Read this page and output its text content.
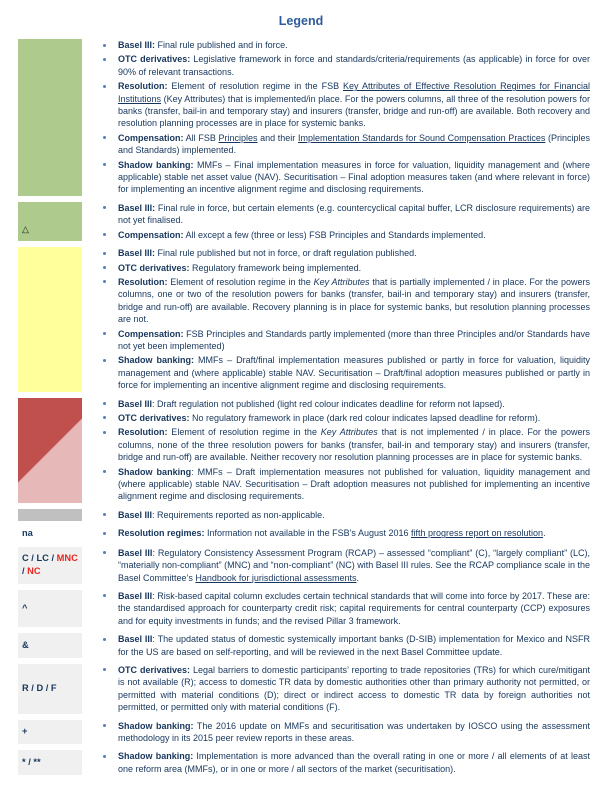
Legend
Basel III: Final rule published and in force.
OTC derivatives: Legislative framework in force and standards/criteria/requirements (as applicable) in force for over 90% of relevant transactions.
Resolution: Element of resolution regime in the FSB Key Attributes of Effective Resolution Regimes for Financial Institutions (Key Attributes) that is implemented/in place. For the powers columns, all three of the resolution powers for banks (transfer, bail-in and temporary stay) and insurers (transfer, bridge and run-off) are available. Both recovery and resolution planning processes are in place for systemic banks.
Compensation: All FSB Principles and their Implementation Standards for Sound Compensation Practices (Principles and Standards) implemented.
Shadow banking: MMFs – Final implementation measures in force for valuation, liquidity management and (where applicable) stable net asset value (NAV). Securitisation – Final adoption measures taken (and where relevant in force) for implementing an incentive alignment regime and disclosing requirements.
△
Basel III: Final rule in force, but certain elements (e.g. countercyclical capital buffer, LCR disclosure requirements) are not yet finalised.
Compensation: All except a few (three or less) FSB Principles and Standards implemented.
Basel III: Final rule published but not in force, or draft regulation published.
OTC derivatives: Regulatory framework being implemented.
Resolution: Element of resolution regime in the Key Attributes that is partially implemented / in place. For the powers columns, one or two of the resolution powers for banks (transfer, bail-in and temporary stay) and insurers (transfer, bridge and run-off) are available. Recovery planning is in place for systemic banks, but resolution planning processes are not.
Compensation: FSB Principles and Standards partly implemented (more than three Principles and/or Standards have not yet been implemented)
Shadow banking: MMFs – Draft/final implementation measures published or partly in force for valuation, liquidity management and (where applicable) stable NAV. Securitisation – Draft/final adoption measures published or partly in force for implementing an incentive alignment regime and disclosing requirements.
Basel III: Draft regulation not published (light red colour indicates deadline for reform not lapsed).
OTC derivatives: No regulatory framework in place (dark red colour indicates lapsed deadline for reform).
Resolution: Element of resolution regime in the Key Attributes that is not implemented / in place. For the powers columns, none of the three resolution powers for banks (transfer, bail-in and temporary stay) and insurers (transfer, bridge and run-off) are available. Neither recovery nor resolution planning processes are in place for systemic banks.
Shadow banking: MMFs – Draft implementation measures not published for valuation, liquidity management and (where applicable) stable NAV. Securitisation – Draft adoption measures not published for implementing an incentive alignment regime and disclosing requirements.
Basel III: Requirements reported as non-applicable.
na	Resolution regimes: Information not available in the FSB’s August 2016 fifth progress report on resolution.
C / LC / MNC / NC
Basel III: Regulatory Consistency Assessment Program (RCAP) – assessed “compliant” (C), “largely compliant” (LC), “materially non-compliant” (MNC) and “non-compliant” (NC) with Basel III rules. See the RCAP compliance scale in the Basel Committee’s Handbook for jurisdictional assessments.
^
Basel III: Risk-based capital column excludes certain technical standards that will come into force by 2017. These are: the standardised approach for counterparty credit risk; capital requirements for central counterparty (CCP) exposures and for equity investments in funds; and the revised Pillar 3 framework.
&
Basel III: The updated status of domestic systemically important banks (D-SIB) implementation for Mexico and NSFR for the US are based on self-reporting, and will be reviewed in the next Basel Committee update.
R / D / F
OTC derivatives: Legal barriers to domestic participants’ reporting to trade repositories (TRs) for which cure/mitigant is not available (R); access to domestic TR data by domestic authorities other than primary authority not permitted, or permitted with material conditions (D); direct or indirect access to domestic TR data by foreign authorities not permitted, or permitted only with material conditions (F).
+
Shadow banking: The 2016 update on MMFs and securitisation was undertaken by IOSCO using the assessment methodology in its 2015 peer review reports in these areas.
* / **
Shadow banking: Implementation is more advanced than the overall rating in one or more / all elements of at least one reform area (MMFs), or in one or more / all sectors of the market (securitisation).
